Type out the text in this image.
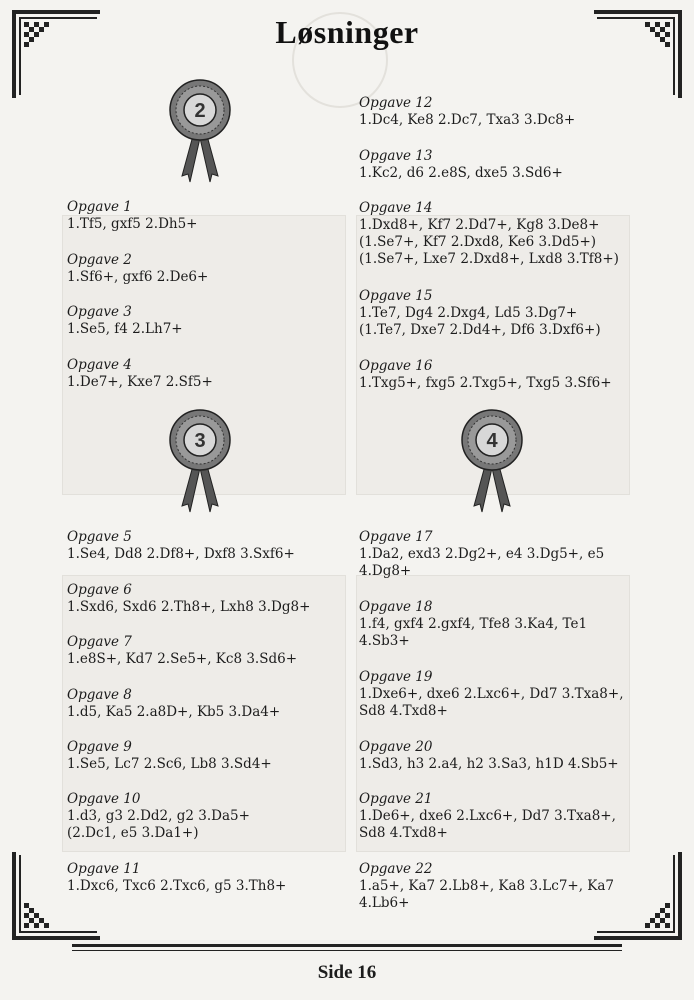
Løsninger
2
3	4
Opgave 1
1.Tf5, gxf5 2.Dh5+
Opgave 2
1.Sf6+, gxf6 2.De6+
Opgave 3
1.Se5, f4 2.Lh7+
Opgave 4
1.De7+, Kxe7 2.Sf5+
Opgave 5
1.Se4, Dd8 2.Df8+, Dxf8 3.Sxf6+
Opgave 6
1.Sxd6, Sxd6 2.Th8+, Lxh8 3.Dg8+
Opgave 7
1.e8S+, Kd7 2.Se5+, Kc8 3.Sd6+
Opgave 8
1.d5, Ka5 2.a8D+, Kb5 3.Da4+
Opgave 9
1.Se5, Lc7 2.Sc6, Lb8 3.Sd4+
Opgave 10
1.d3, g3 2.Dd2, g2 3.Da5+
(2.Dc1, e5 3.Da1+)
Opgave 11
1.Dxc6, Txc6 2.Txc6, g5 3.Th8+
Opgave 12
1.Dc4, Ke8 2.Dc7, Txa3 3.Dc8+
Opgave 13
1.Kc2, d6 2.e8S, dxe5 3.Sd6+
Opgave 14
1.Dxd8+, Kf7 2.Dd7+, Kg8 3.De8+
(1.Se7+, Kf7 2.Dxd8, Ke6 3.Dd5+)
(1.Se7+, Lxe7 2.Dxd8+, Lxd8 3.Tf8+)
Opgave 15
1.Te7, Dg4 2.Dxg4, Ld5 3.Dg7+
(1.Te7, Dxe7 2.Dd4+, Df6 3.Dxf6+)
Opgave 16
1.Txg5+, fxg5 2.Txg5+, Txg5 3.Sf6+
Opgave 17
1.Da2, exd3 2.Dg2+, e4 3.Dg5+, e5
4.Dg8+
Opgave 18
1.f4, gxf4 2.gxf4, Tfe8 3.Ka4, Te1
4.Sb3+
Opgave 19
1.Dxe6+, dxe6 2.Lxc6+, Dd7 3.Txa8+,
Sd8 4.Txd8+
Opgave 20
1.Sd3, h3 2.a4, h2 3.Sa3, h1D 4.Sb5+
Opgave 21
1.De6+, dxe6 2.Lxc6+, Dd7 3.Txa8+,
Sd8 4.Txd8+
Opgave 22
1.a5+, Ka7 2.Lb8+, Ka8 3.Lc7+, Ka7
4.Lb6+
Side 16
